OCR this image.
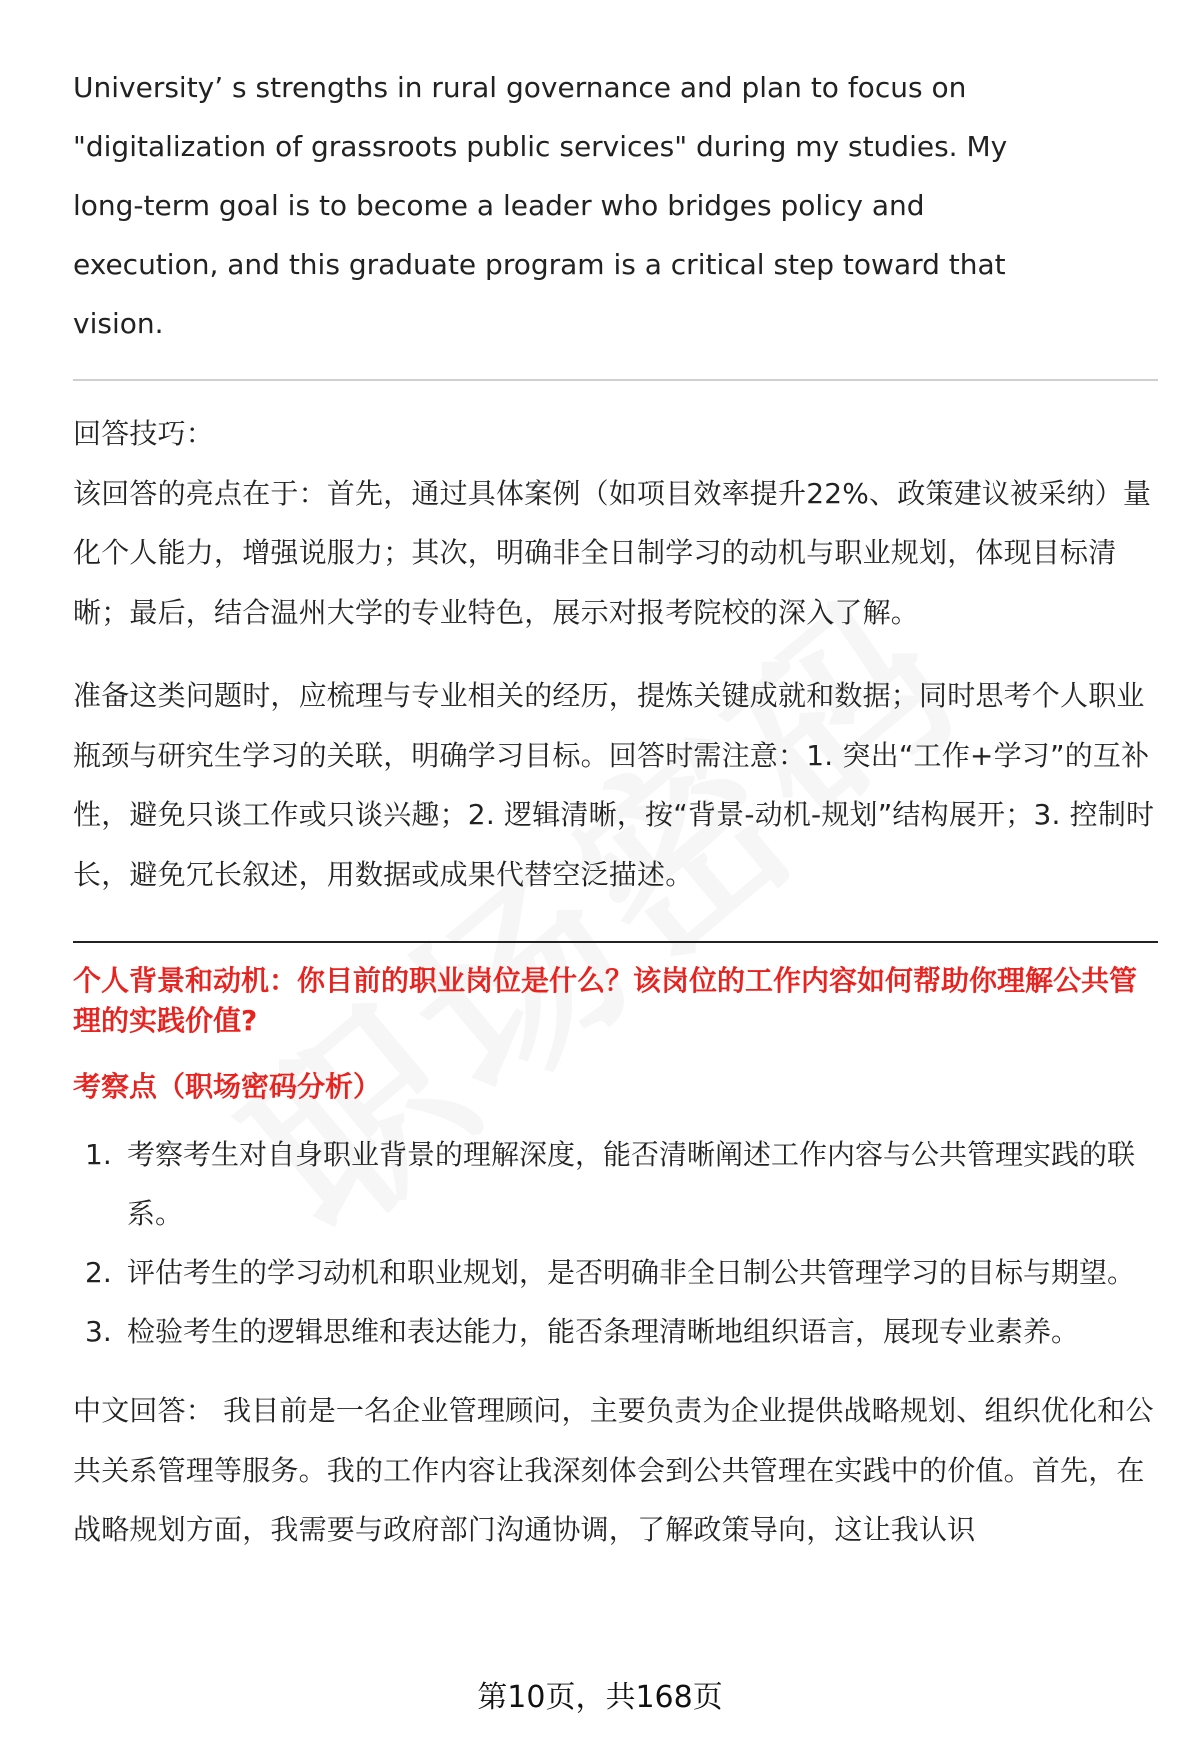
University’ s strengths in rural governance and plan to focus on "digitalization of grassroots public services" during my studies. My long-term goal is to become a leader who bridges policy and execution, and this graduate program is a critical step toward that vision.

回答技巧：

该回答的亮点在于：首先，通过具体案例（如项目效率提升22%、政策建议被采纳）量化个人能力，增强说服力；其次，明确非全日制学习的动机与职业规划，体现目标清晰；最后，结合温州大学的专业特色，展示对报考院校的深入了解。

准备这类问题时，应梳理与专业相关的经历，提炼关键成就和数据；同时思考个人职业瓶颈与研究生学习的关联，明确学习目标。回答时需注意：1. 突出“工作+学习”的互补性，避免只谈工作或只谈兴趣；2. 逻辑清晰，按“背景-动机-规划”结构展开；3. 控制时长，避免冗长叙述，用数据或成果代替空泛描述。

个人背景和动机：你目前的职业岗位是什么？该岗位的工作内容如何帮助你理解公共管理的实践价值?

考察点（职场密码分析）

1. 考察考生对自身职业背景的理解深度，能否清晰阐述工作内容与公共管理实践的联系。
2. 评估考生的学习动机和职业规划，是否明确非全日制公共管理学习的目标与期望。
3. 检验考生的逻辑思维和表达能力，能否条理清晰地组织语言，展现专业素养。

中文回答： 我目前是一名企业管理顾问，主要负责为企业提供战略规划、组织优化和公共关系管理等服务。我的工作内容让我深刻体会到公共管理在实践中的价值。首先，在战略规划方面，我需要与政府部门沟通协调，了解政策导向，这让我认识

第10页，共168页
